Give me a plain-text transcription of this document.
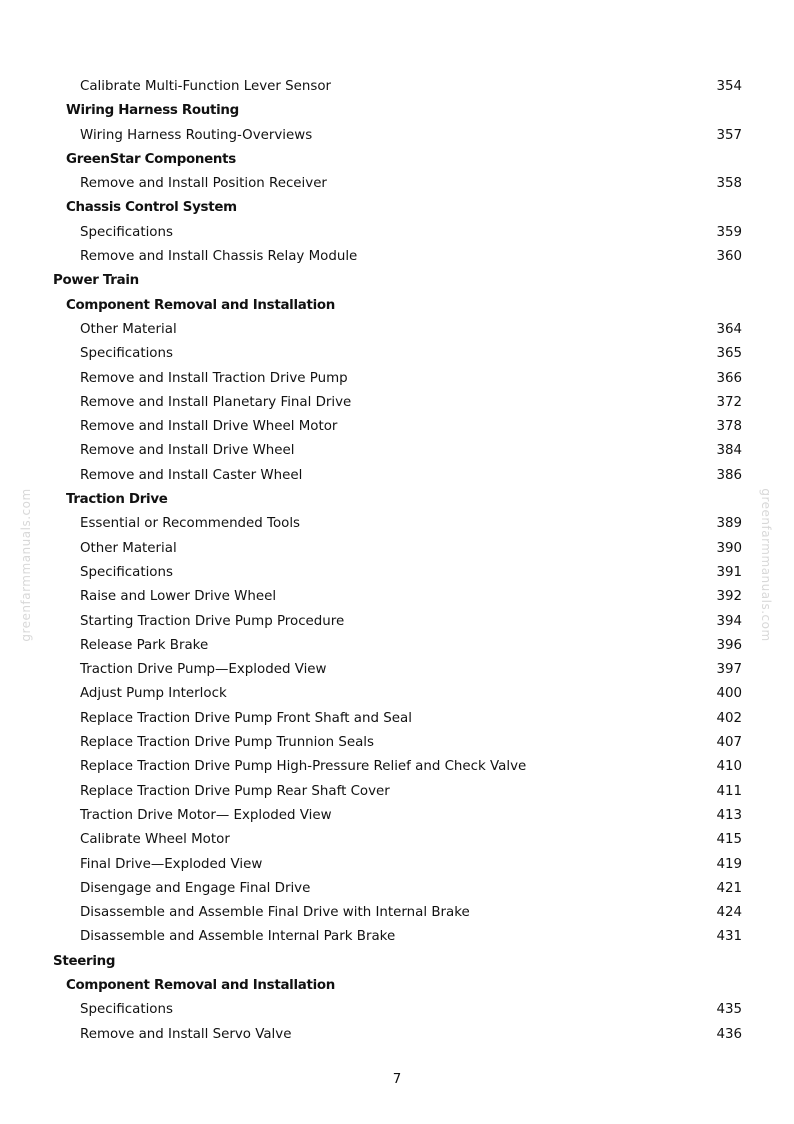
greenfarmmanuals.com	greenfarmmanuals.com
Calibrate Multi-Function Lever Sensor	354
Wiring Harness Routing
Wiring Harness Routing-Overviews	357
GreenStar Components
Remove and Install Position Receiver	358
Chassis Control System
Specifications	359
Remove and Install Chassis Relay Module	360
Power Train
Component Removal and Installation
Other Material	364
Specifications	365
Remove and Install Traction Drive Pump	366
Remove and Install Planetary Final Drive	372
Remove and Install Drive Wheel Motor	378
Remove and Install Drive Wheel	384
Remove and Install Caster Wheel	386
Traction Drive
Essential or Recommended Tools	389
Other Material	390
Specifications	391
Raise and Lower Drive Wheel	392
Starting Traction Drive Pump Procedure	394
Release Park Brake	396
Traction Drive Pump—Exploded View	397
Adjust Pump Interlock	400
Replace Traction Drive Pump Front Shaft and Seal	402
Replace Traction Drive Pump Trunnion Seals	407
Replace Traction Drive Pump High-Pressure Relief and Check Valve	410
Replace Traction Drive Pump Rear Shaft Cover	411
Traction Drive Motor— Exploded View	413
Calibrate Wheel Motor	415
Final Drive—Exploded View	419
Disengage and Engage Final Drive	421
Disassemble and Assemble Final Drive with Internal Brake	424
Disassemble and Assemble Internal Park Brake	431
Steering
Component Removal and Installation
Specifications	435
Remove and Install Servo Valve	436
7
